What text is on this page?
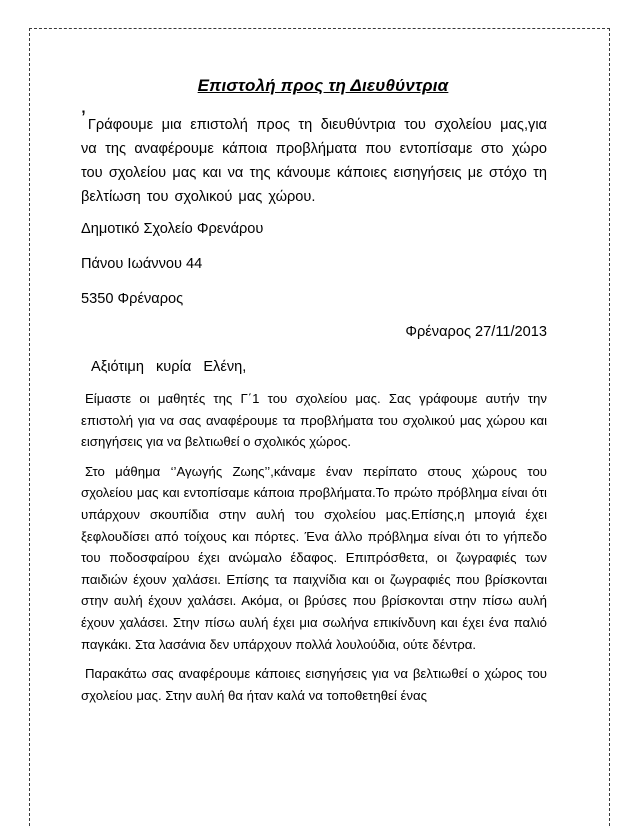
Επιστολή προς τη Διευθύντρια

’ Γράφουμε μια επιστολή προς τη διευθύντρια του σχολείου μας,για να της αναφέρουμε κάποια προβλήματα που εντοπίσαμε στο χώρο του σχολείου μας και να της κάνουμε κάποιες εισηγήσεις με στόχο τη βελτίωση του σχολικού μας χώρου.

Δημοτικό Σχολείο Φρενάρου

Πάνου Ιωάννου 44

5350 Φρέναρος

Φρέναρος 27/11/2013

Αξιότιμη κυρία Ελένη,

Είμαστε οι μαθητές της Γ΄1 του σχολείου μας. Σας γράφουμε αυτήν την επιστολή για να σας αναφέρουμε τα προβλήματα του σχολικού μας χώρου και εισηγήσεις για να βελτιωθεί ο σχολικός χώρος.

Στο μάθημα ‘’Αγωγής Ζωης’’,κάναμε έναν περίπατο στους χώρους του σχολείου μας και εντοπίσαμε κάποια προβλήματα.Το πρώτο πρόβλημα είναι ότι υπάρχουν σκουπίδια στην αυλή του σχολείου μας.Επίσης,η μπογιά έχει ξεφλουδίσει από τοίχους και πόρτες. Ένα άλλο πρόβλημα είναι ότι το γήπεδο του ποδοσφαίρου έχει ανώμαλο έδαφος. Επιπρόσθετα, οι ζωγραφιές των παιδιών έχουν χαλάσει. Επίσης τα παιχνίδια και οι ζωγραφιές που βρίσκονται στην αυλή έχουν χαλάσει. Ακόμα, οι βρύσες που βρίσκονται στην πίσω αυλή έχουν χαλάσει. Στην πίσω αυλή έχει μια σωλήνα επικίνδυνη και έχει ένα παλιό παγκάκι. Στα λασάνια δεν υπάρχουν πολλά λουλούδια, ούτε δέντρα.

Παρακάτω σας αναφέρουμε κάποιες εισηγήσεις για να βελτιωθεί ο χώρος του σχολείου μας. Στην αυλή θα ήταν καλά να τοποθετηθεί ένας
